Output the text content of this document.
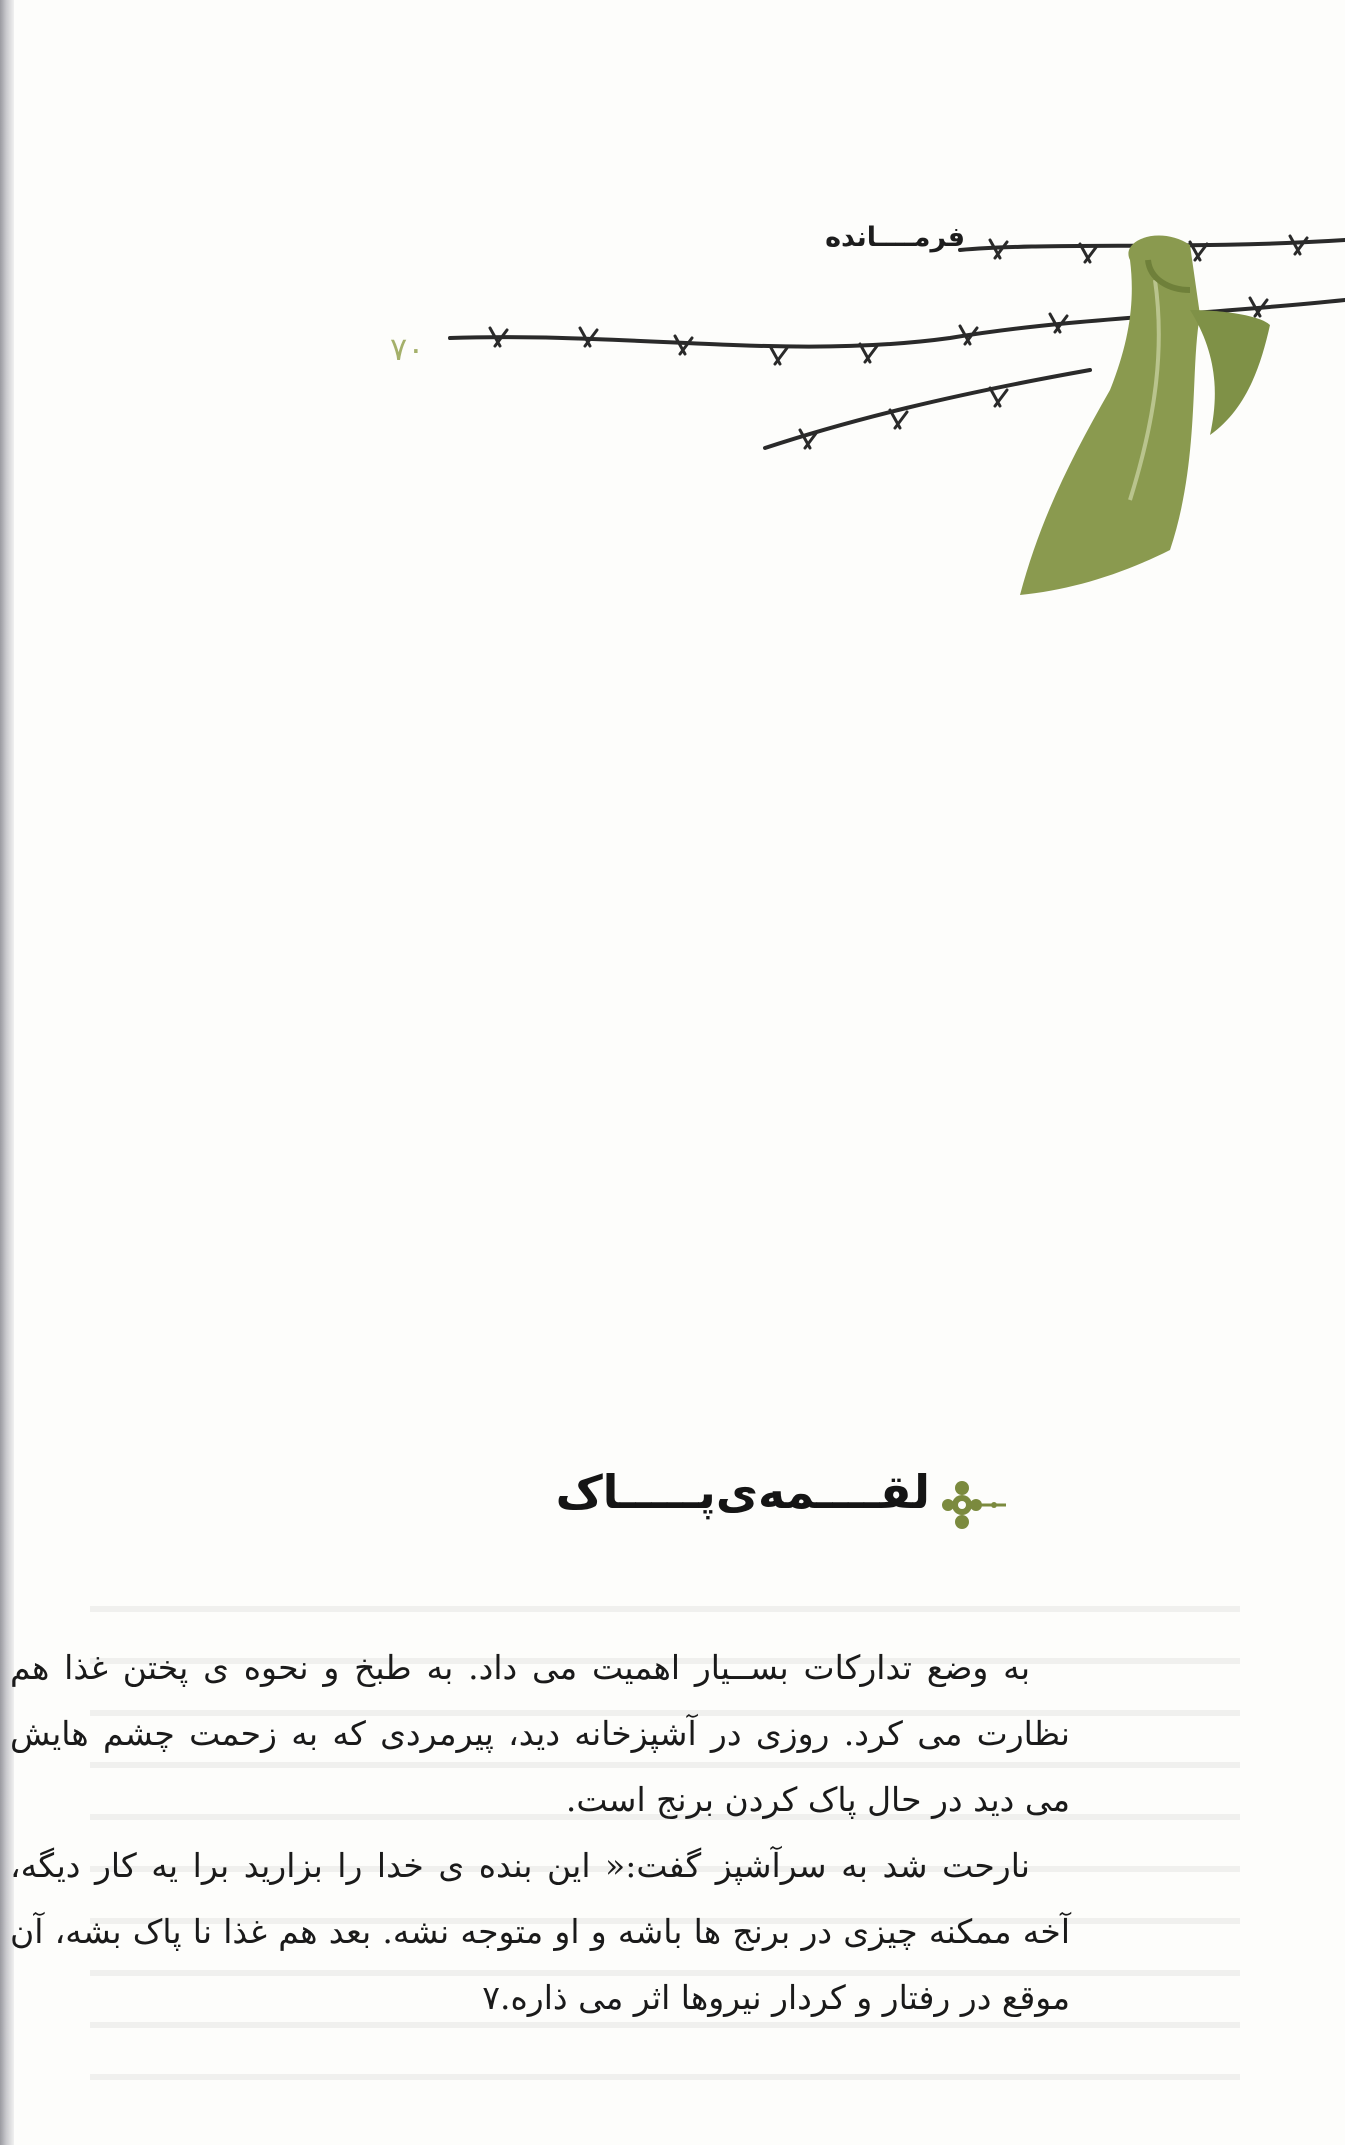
فرمــــانده
۷۰
لقــــمه‌ی‌پـــــاک

به وضع تدارکات بســیار اهمیت می داد. به طبخ و نحوه ی پختن غذا هم نظارت می کرد. روزی در آشپزخانه دید، پیرمردی که به زحمت چشم هایش می دید در حال پاک کردن برنج است.

نارحت شد به سرآشپز گفت:« این بنده ی خدا را بزارید برا یه کار دیگه، آخه ممکنه چیزی در برنج ها باشه و او متوجه نشه. بعد هم غذا نا پاک بشه، آن موقع در رفتار و کردار نیروها اثر می ذاره.۷
